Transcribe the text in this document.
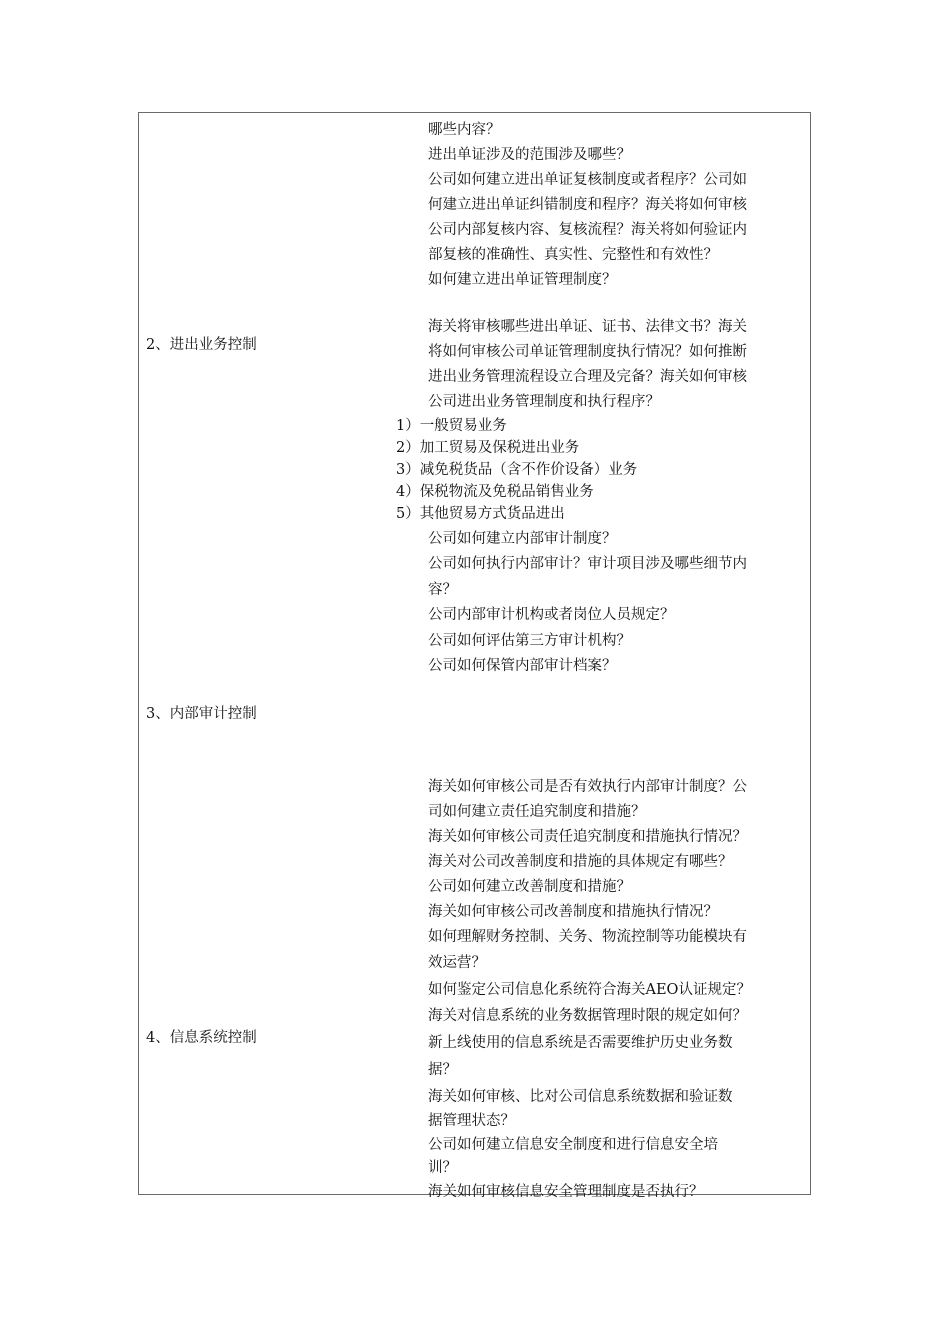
2、进出业务控制
3、内部审计控制
4、信息系统控制
哪些内容？
进出单证涉及的范围涉及哪些？
公司如何建立进出单证复核制度或者程序？公司如
何建立进出单证纠错制度和程序？海关将如何审核
公司内部复核内容、复核流程？海关将如何验证内
部复核的准确性、真实性、完整性和有效性？
如何建立进出单证管理制度？
海关将审核哪些进出单证、证书、法律文书？海关
将如何审核公司单证管理制度执行情况？如何推断
进出业务管理流程设立合理及完备？海关如何审核
公司进出业务管理制度和执行程序？
1）一般贸易业务
2）加工贸易及保税进出业务
3）减免税货品（含不作价设备）业务
4）保税物流及免税品销售业务
5）其他贸易方式货品进出
公司如何建立内部审计制度？
公司如何执行内部审计？审计项目涉及哪些细节内
容？
公司内部审计机构或者岗位人员规定？
公司如何评估第三方审计机构？
公司如何保管内部审计档案？
海关如何审核公司是否有效执行内部审计制度？公
司如何建立责任追究制度和措施？
海关如何审核公司责任追究制度和措施执行情况？
海关对公司改善制度和措施的具体规定有哪些？
公司如何建立改善制度和措施？
海关如何审核公司改善制度和措施执行情况？
如何理解财务控制、关务、物流控制等功能模块有
效运营？
如何鉴定公司信息化系统符合海关AEO认证规定？
海关对信息系统的业务数据管理时限的规定如何？
新上线使用的信息系统是否需要维护历史业务数
据？
海关如何审核、比对公司信息系统数据和验证数
据管理状态？
公司如何建立信息安全制度和进行信息安全培
训？
海关如何审核信息安全管理制度是否执行？
